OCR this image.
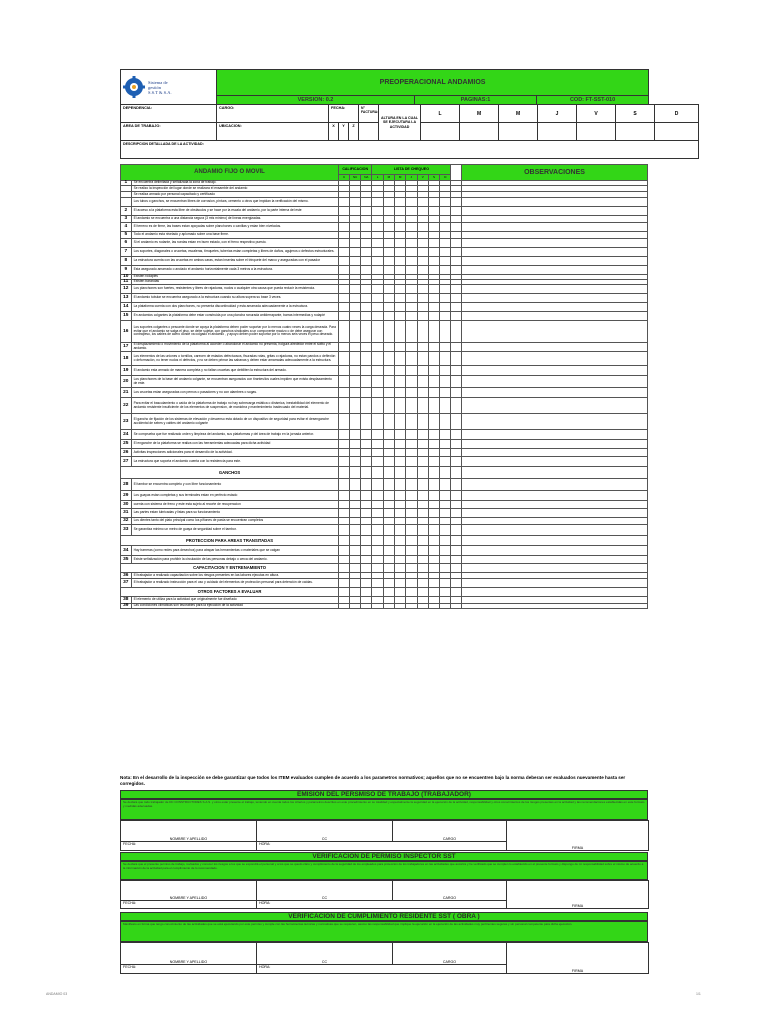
Sistema de
gestión
S.S.T & S.A.	PREOPERACIONAL ANDAMIOS		
	VERSION: 0.2	PAGINAS:1	COD: FT-SST-010
DEPENDENCIA:	CARGO:	FECHA:			N° FACTURA:	ALTURA EN LA CUAL SE EJECUTARA LA ACTIVIDAD	L	M	M	J	V	S	D
AREA DE TRABAJO:	UBICACION:	X	Y	Z									
DESCRIPCION DETALLADA DE LA ACTIVIDAD:													
ANDAMIO FIJO O MOVIL		CALIFICACION			LISTA DE CHEQUEO								OBSERVACIONES
		C	NC	NA	L	M	M	J	V	S	D		
1	Se encuentra delimitada y señalizada la zona de trabajo.												
	Se realizo la inspección del lugar donde se realizara el ensamble del andamio												
	Se realiza armado por personal capacitado y certificado												
	Los tubos o ganchos, se encuentran libres de corrosion, pintura, cemento u otros que impidan la verificación del mismo.												
2	El acceso a la plataforma esta libre de obstáculos y se hace por la escala del andamio, por la parte interna del este												
3	El andamio se encuentra a una distancia segura (3 mts mínimo) de líneas energizadas.												
4	El terreno es de firme, las bases estan apoyadas sobre planchones o canillas y estan bien nivelados.												
5	Todo el andamio esta nivelado y aplomado sobre una base firme.												
6	Si el andamio es rodante, las ruedas estan en buen estado, con el freno respectivo puesto.												
7	Los soportes, diagonales o crucetas, escaleras, tirnquetes, tuberías estan completas y libres de daños, agujeros o defectos estructurales.												
8	La estructura cuenta con las crucetas en ambos caras, estan insertas sobre el trinquete del marco y aseguradas con el pasador												
9	Esta asegurado amarrado o anclado el andamio horizontalmente cada 3 metros a la estructura.												
10	Existen rodapiés												
11	Existen barandas												
12	Los planchones son fuertes, resistentes y libres de rajaduras, nudos o cualquier otra causa que pueda reducir la resistencia.												
13	El andamio tubular se encuentra asegurado a la estructura cuando su altura supera su base 3 veces.												
14	La plataforma cuenta con dos planchones, no presenta discontinuidad y esta amarrada adecuadamente a la estructura.												
15	En andamios colgantes la plataforma debe estar construida por una plancha ranurada antiderrapante, barras intermedias y rodapié												
16	Los soportes colgantes o pescante donde se apoya la plataforma deben poder soportar por lo menos cuatro veces la carga deseada. Para evitar que el andamio se salga el piso, se debe sujetar, con ganchos sindicales a un componente macizo o de debe asegurar con contrapeso, los cables de acero donde va colgado el andamio , y apoyo deben poder soportar por lo menos seis veces el peso deseado.												
17	El desplazamiento o movimiento de la plataforma al acceder o abandonar el andamio no presenta, holgura alrededor entre el sofito y el andamio.												
18	Los elementos de las uniones o tornillos, carecen de estados defectuosos, fisuradas rotas, gritas o rajaduras, no estan pandos o deflexión o deformación, no tener nudos ni defectos, y no se deben primar las sabanas y deben estar amarradas adecuadamente a la estructura.												
19	El andamio esta armado de manera completa y no faltan crucetas que debiliten la estructura del armado.												
20	Los planchones de la base del andamio colgante, se encuentran asegurados con tirantes/los cuales impiden que exista desplazamiento de este.												
21	Los crucetas estan aseguradas con pernos o pasadores y no con alambres o sogas.												
22	Para evitar el basculamiento o caída de la plataforma de trabajo no hay sobrecarga estática o dinámica, inestabilidad del elemento de andamio resistente insuficiente de los elementos de suspension, de maniobra y mantenimiento inadecuado del material.												
23	El gancho de fijación de los sistemas de elevación y descenso esta dotado de un dispositivo de seguridad para evitar el desenganche accidental de sebes y cables del andamio colgante												
24	Se comprueba que fue realizado orden y limpieza del andamio, sus plataformas y del área de trabajo en la jornada anterior.												
25	El enganche de la plataforma se realiza con las herramientas adecuadas para dicha actividad												
26	Activitas inspecciones adicionales para el desarrollo de la actividad.												
27	La estructura que soporta el andamio cuenta con la resistencia para este.												
GANCHOS													
28	El tambor se encuentra completo y con libre funcionamiento												
29	Los guayas estan completas y sus terminales estan en perfecto estado												
30	cuenta con sistema de freno y este esta sujeto al recorte de recuperacion												
31	Las partes estan lubricadas y listas para su funcionamiento												
32	Los dientes tanto del piato principal como los piñones de pasta se encuentran completos												
33	Se garantiza minimo un metro de guaya de seguridad sobre el tambor.												
PROTECCION PARA AREAS TRANSITADAS													
34	Hay barreras (como redes para desechos) para atrapar las herramientas o materiales que se caigan												
35	Existe señalización para prohibir la circulación de las personas debajo o cerca del andamio.												
CAPACITACION Y ENTRENAMIENTO													
36	El trabajador a realizado capacitación sobre los riesgos presentes en las labores ejecutas en altura.												
37	El trabajador a realizado instrucción para el uso y cuidado del elementos de protección personal para detención de caídas.												
OTROS FACTORES A EVALUAR													
38	El elemento de utiliza para la actividad que originalmente fue diseñado												
39	Las condiciones climáticas son favorables para la ejecución de la actividad												
Nota: En el desarrollo de la inspección se debe garantizar que todos los ITEM evaluados cumplen de acuerdo a los parametros normativos; aquellos que no se encuentren bajo la norma deberan ser evaluados nuevamente hasta ser corregidos.
EMISION DEL PERSMISO DE TRABAJO (TRABAJADOR)
Se declara que todo trabajador de DC CONSTRUCTORES S.A.S. y otros estar presente el trabajo, teniendo en cuenta todos los criterios y parametros descritos en este procedimiento en su totalidad y especialmente la seguridad en la ejecución de la actividad, responsabilidad y otros conocimientos de los riesgos presentes en la actividad y las recomendaciones establecidas en este formato y medidas adecuadas.
NOMBRE Y APELLIDO	CC	CARGO	FIRMA
FECHA:	HORA:		
VERIFICACION DE PERMISO INSPECTOR SST
Se declara que el presente permiso de trabajo, revisados y conocer los riesgos a los que se expondrá el personal y a los que se quedo claro y cumplimiento de la seguridad de los empleados para proteccion de los trabajadores en las actividades que autoriza y he verificado que se cumplen lo establecido en el presente formato y dispongo de mi responsabilidad sobre el mismo de acuerdo a la información de la actividad para el cumplimiento de lo recomendado.
NOMBRE Y APELLIDO	CC	CARGO	FIRMA
FECHA:	HORA:		
VERIFICACION DE CUMPLIMIENTO RESIDENTE SST ( OBRA )
Manifiesto en forma que tengo conocimiento de las actividades que se está ejecutando por este permiso y cumple con las herramientas técnicas y normativas que se requieren, asumo las responsabilidad que implique la ejecución en la ejecución de las actividades muy pertinentes seguras y sin personal competente para dicha ejecución.
NOMBRE Y APELLIDO	CC	CARGO	FIRMA
FECHA:	HORA:		
ANDAMIO 03	1/1
